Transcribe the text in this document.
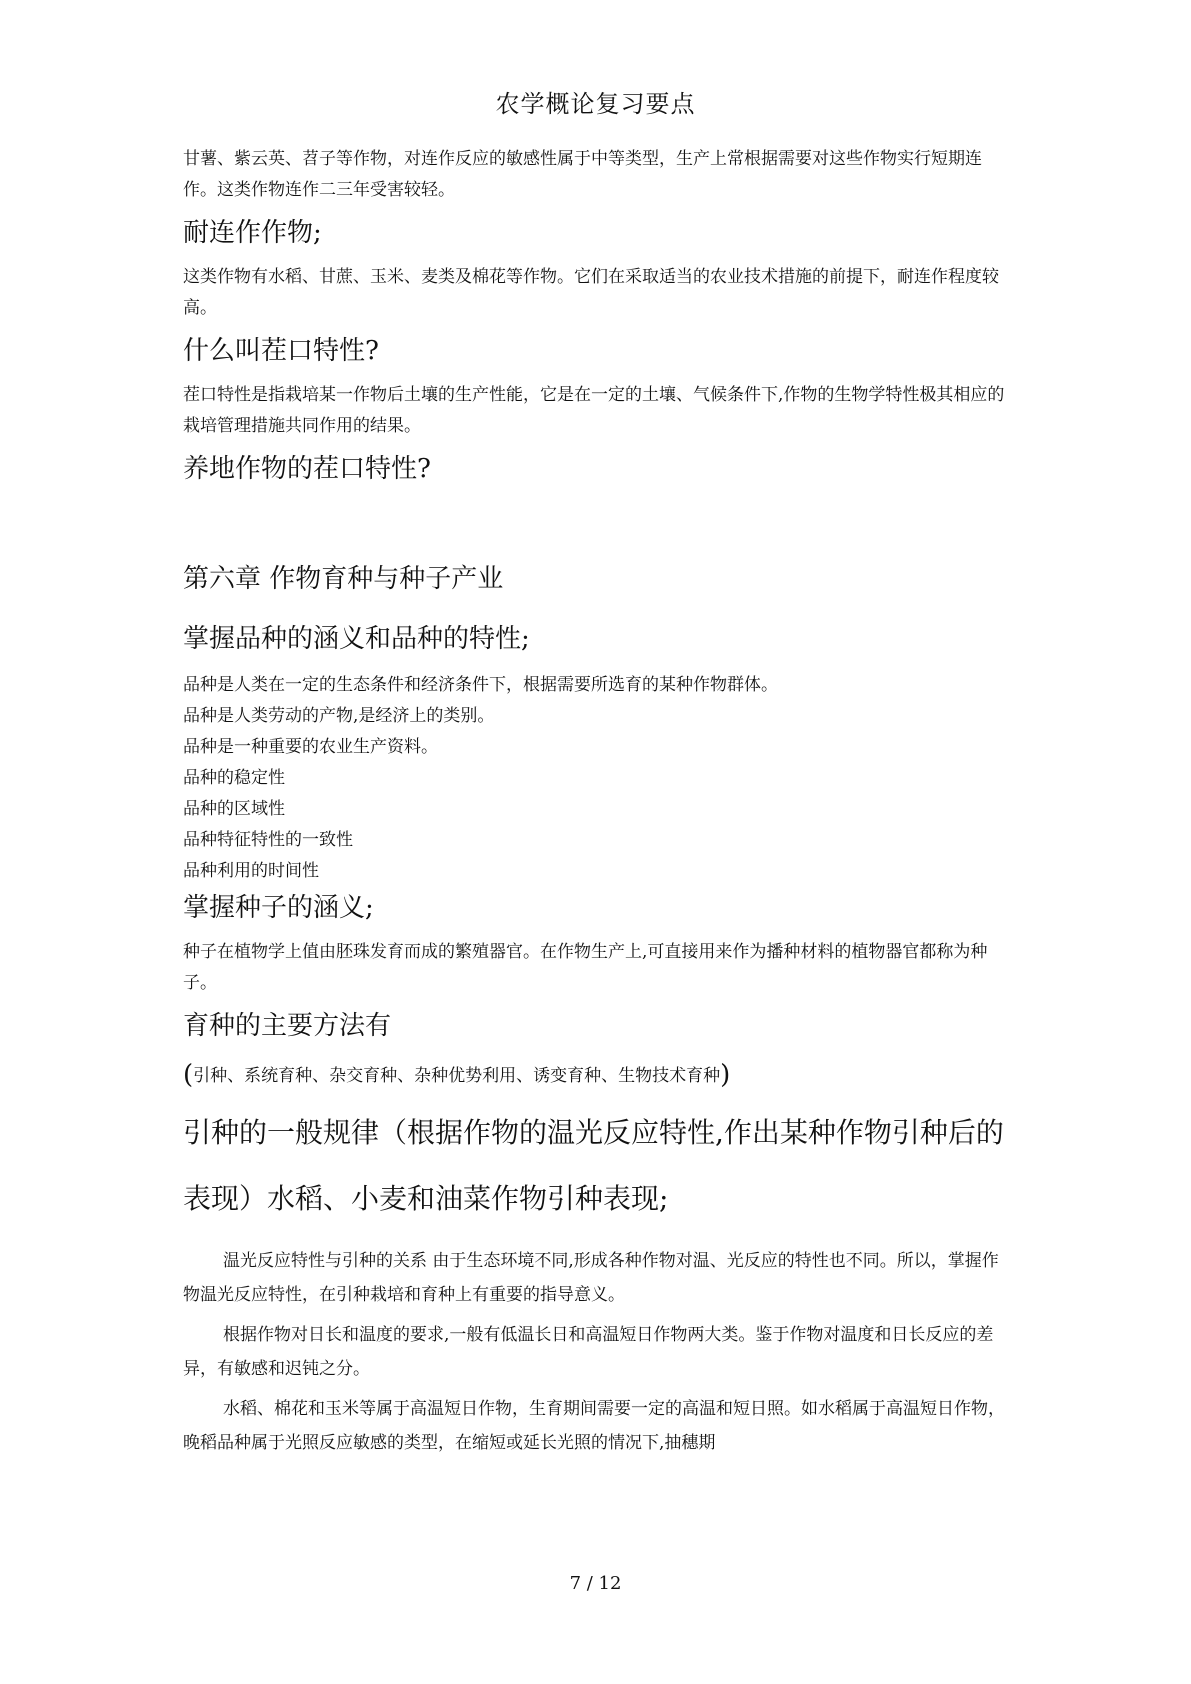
农学概论复习要点

甘薯、紫云英、苕子等作物，对连作反应的敏感性属于中等类型，生产上常根据需要对这些作物实行短期连作。这类作物连作二三年受害较轻。

耐连作作物;

这类作物有水稻、甘蔗、玉米、麦类及棉花等作物。它们在采取适当的农业技术措施的前提下，耐连作程度较高。

什么叫茬口特性?

茬口特性是指栽培某一作物后土壤的生产性能，它是在一定的土壤、气候条件下,作物的生物学特性极其相应的栽培管理措施共同作用的结果。

养地作物的茬口特性?
第六章 作物育种与种子产业
掌握品种的涵义和品种的特性;
品种是人类在一定的生态条件和经济条件下，根据需要所选育的某种作物群体。
品种是人类劳动的产物,是经济上的类别。
品种是一种重要的农业生产资料。
品种的稳定性
品种的区域性
品种特征特性的一致性
品种利用的时间性
掌握种子的涵义;

种子在植物学上值由胚珠发育而成的繁殖器官。在作物生产上,可直接用来作为播种材料的植物器官都称为种子。

育种的主要方法有
(引种、系统育种、杂交育种、杂种优势利用、诱变育种、生物技术育种)
引种的一般规律（根据作物的温光反应特性,作出某种作物引种后的
表现）水稻、小麦和油菜作物引种表现;

温光反应特性与引种的关系 由于生态环境不同,形成各种作物对温、光反应的特性也不同。所以，掌握作物温光反应特性，在引种栽培和育种上有重要的指导意义。

根据作物对日长和温度的要求,一般有低温长日和高温短日作物两大类。鉴于作物对温度和日长反应的差异，有敏感和迟钝之分。

水稻、棉花和玉米等属于高温短日作物，生育期间需要一定的高温和短日照。如水稻属于高温短日作物，晚稻品种属于光照反应敏感的类型，在缩短或延长光照的情况下,抽穗期

7 / 12
